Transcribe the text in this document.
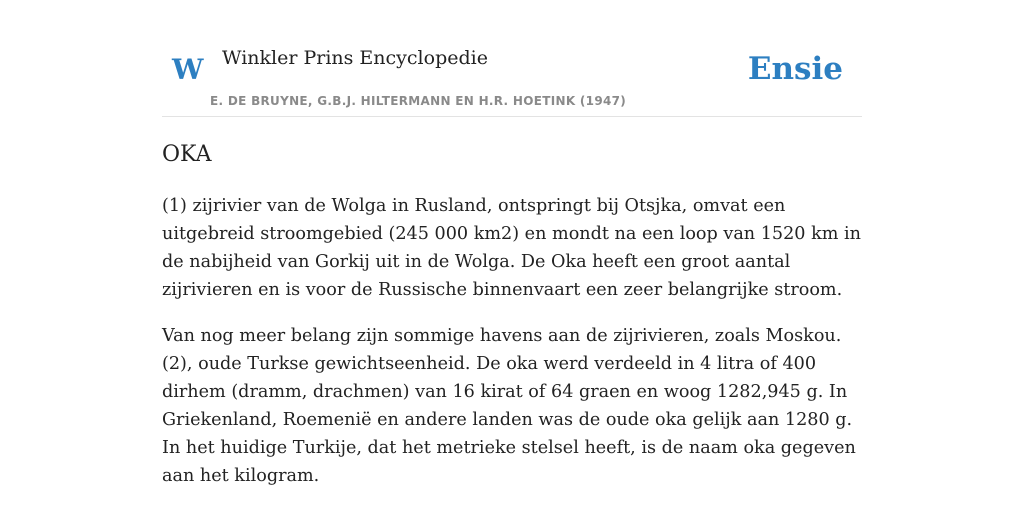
W Winkler Prins Encyclopedie
E. DE BRUYNE, G.B.J. HILTERMANN EN H.R. HOETINK (1947)
Ensie
OKA

(1) zijrivier van de Wolga in Rusland, ontspringt bij Otsjka, omvat een uitgebreid stroomgebied (245 000 km2) en mondt na een loop van 1520 km in de nabijheid van Gorkij uit in de Wolga. De Oka heeft een groot aantal zijrivieren en is voor de Russische binnenvaart een zeer belangrijke stroom.

Van nog meer belang zijn sommige havens aan de zijrivieren, zoals Moskou.(2), oude Turkse gewichtseenheid. De oka werd verdeeld in 4 litra of 400 dirhem (dramm, drachmen) van 16 kirat of 64 graen en woog 1282,945 g. In Griekenland, Roemenië en andere landen was de oude oka gelijk aan 1280 g. In het huidige Turkije, dat het metrieke stelsel heeft, is de naam oka gegeven aan het kilogram.
